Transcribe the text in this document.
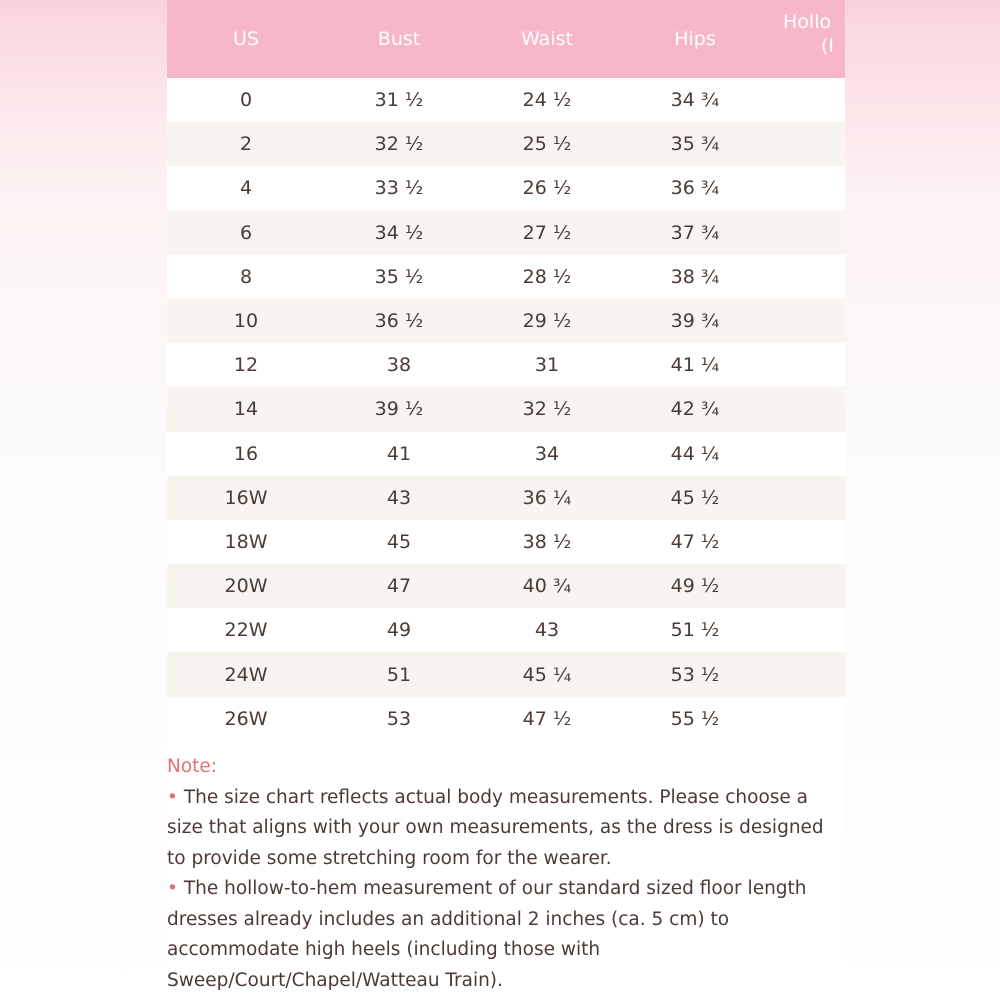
US	Bust	Waist	Hips	Hollo
(I
0	31 ½	24 ½	34 ¾	
2	32 ½	25 ½	35 ¾	
4	33 ½	26 ½	36 ¾	
6	34 ½	27 ½	37 ¾	
8	35 ½	28 ½	38 ¾	
10	36 ½	29 ½	39 ¾	
12	38	31	41 ¼	
14	39 ½	32 ½	42 ¾	
16	41	34	44 ¼	
16W	43	36 ¼	45 ½	
18W	45	38 ½	47 ½	
20W	47	40 ¾	49 ½	
22W	49	43	51 ½	
24W	51	45 ¼	53 ½	
26W	53	47 ½	55 ½	
Note:
• The size chart reflects actual body measurements. Please choose a size that aligns with your own measurements, as the dress is designed to provide some stretching room for the wearer.
• The hollow-to-hem measurement of our standard sized floor length dresses already includes an additional 2 inches (ca. 5 cm) to accommodate high heels (including those with Sweep/Court/Chapel/Watteau Train).
